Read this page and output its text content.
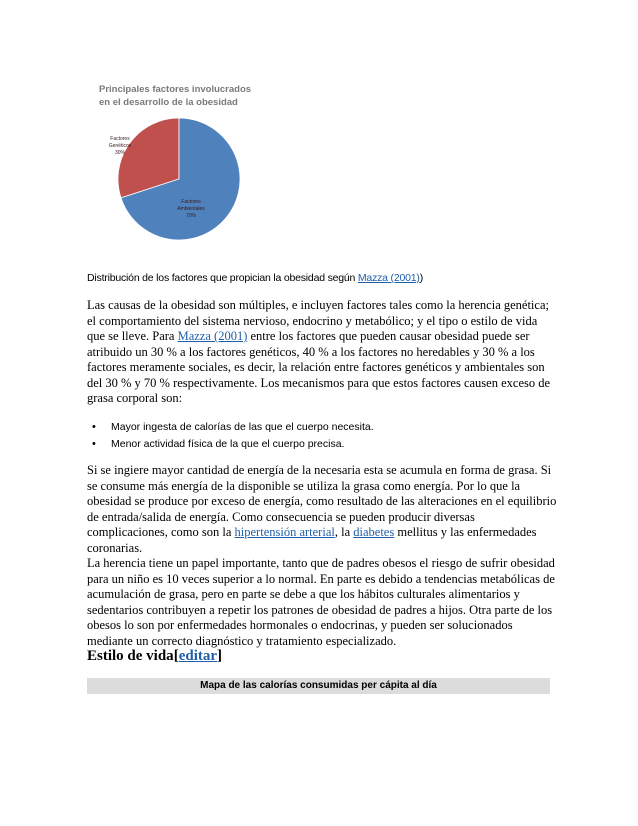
Principales factores involucrados
en el desarrollo de la obesidad
Factores
Genéticos
30%
Factores
Ambientales
70%
Distribución de los factores que propician la obesidad según Mazza (2001))

Las causas de la obesidad son múltiples, e incluyen factores tales como la herencia genética; el comportamiento del sistema nervioso, endocrino y metabólico; y el tipo o estilo de vida que se lleve. Para Mazza (2001) entre los factores que pueden causar obesidad puede ser atribuido un 30 % a los factores genéticos, 40 % a los factores no heredables y 30 % a los factores meramente sociales, es decir, la relación entre factores genéticos y ambientales son del 30 % y 70 % respectivamente. Los mecanismos para que estos factores causen exceso de grasa corporal son:

• Mayor ingesta de calorías de las que el cuerpo necesita.
• Menor actividad física de la que el cuerpo precisa.

Si se ingiere mayor cantidad de energía de la necesaria esta se acumula en forma de grasa. Si se consume más energía de la disponible se utiliza la grasa como energía. Por lo que la obesidad se produce por exceso de energía, como resultado de las alteraciones en el equilibrio de entrada/salida de energía. Como consecuencia se pueden producir diversas complicaciones, como son la hipertensión arterial, la diabetes mellitus y las enfermedades coronarias.
La herencia tiene un papel importante, tanto que de padres obesos el riesgo de sufrir obesidad para un niño es 10 veces superior a lo normal. En parte es debido a tendencias metabólicas de acumulación de grasa, pero en parte se debe a que los hábitos culturales alimentarios y sedentarios contribuyen a repetir los patrones de obesidad de padres a hijos. Otra parte de los obesos lo son por enfermedades hormonales o endocrinas, y pueden ser solucionados mediante un correcto diagnóstico y tratamiento especializado.

Estilo de vida[editar]
Mapa de las calorías consumidas per cápita al día
